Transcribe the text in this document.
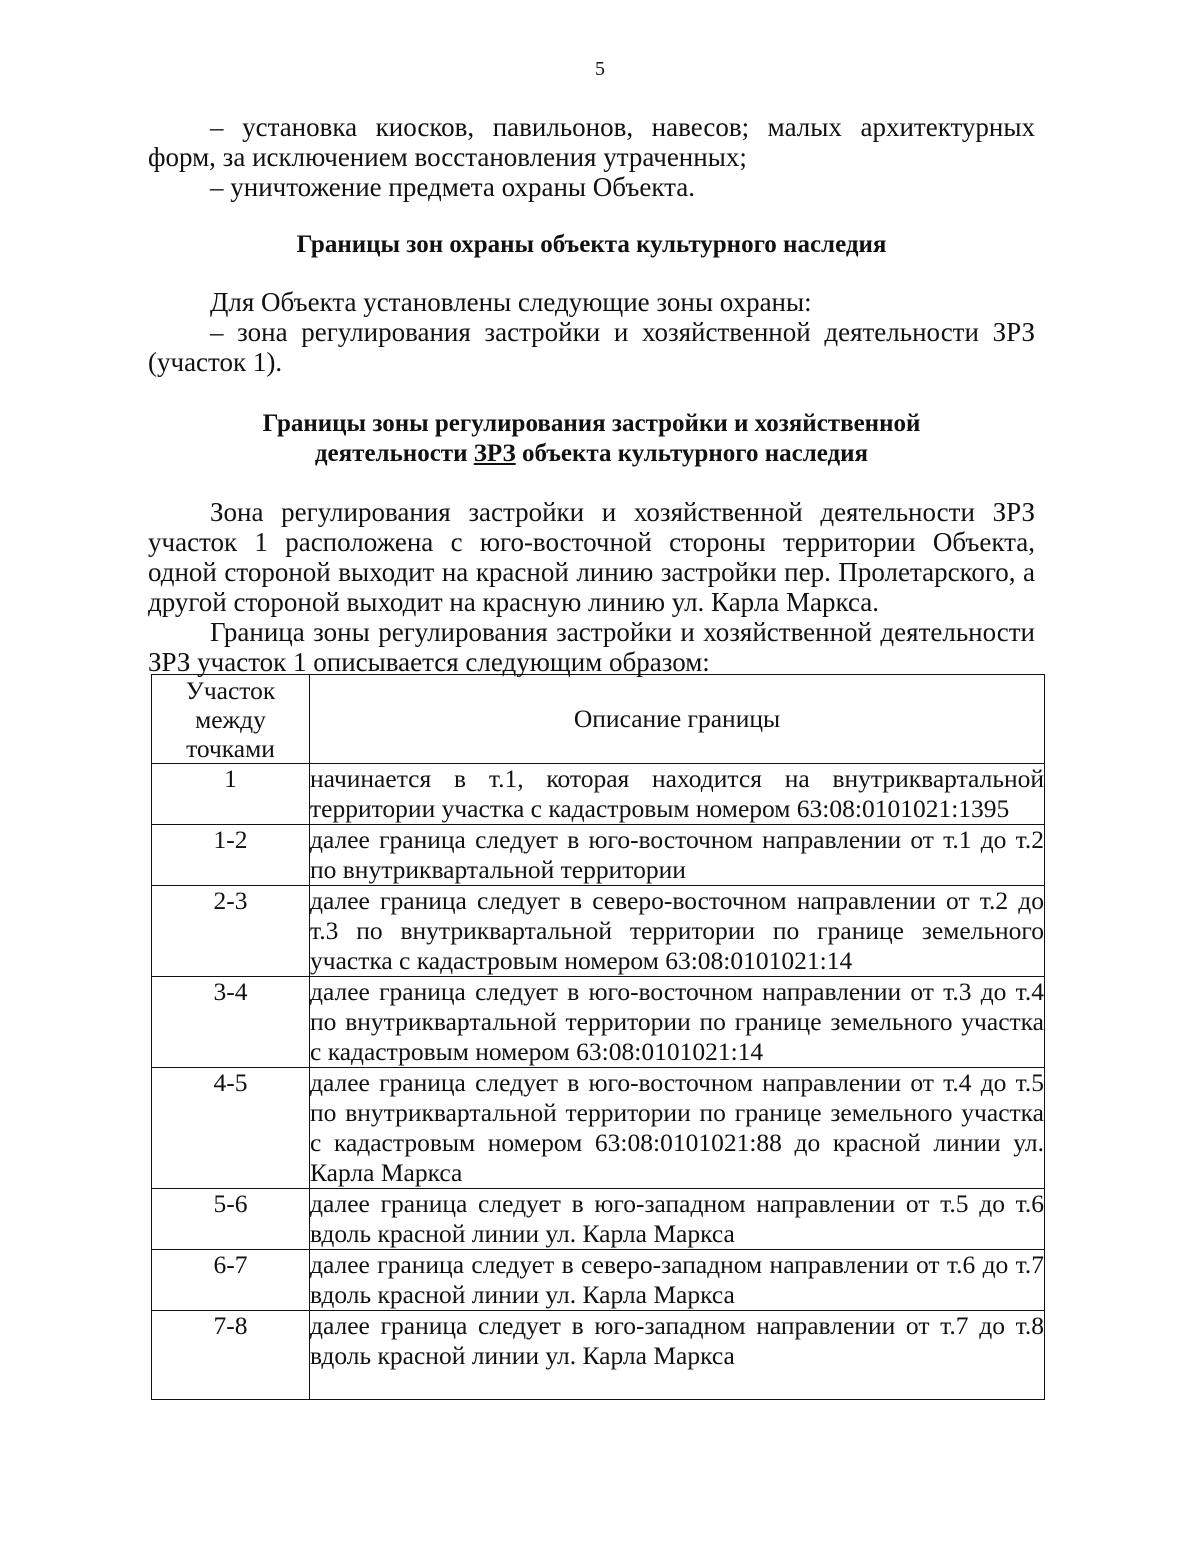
5

– установка киосков, павильонов, навесов; малых архитектурных форм, за исключением восстановления утраченных;

– уничтожение предмета охраны Объекта.

Границы зон охраны объекта культурного наследия

Для Объекта установлены следующие зоны охраны:

– зона регулирования застройки и хозяйственной деятельности ЗРЗ (участок 1).

Границы зоны регулирования застройки и хозяйственной
деятельности ЗРЗ объекта культурного наследия

Зона регулирования застройки и хозяйственной деятельности ЗРЗ участок 1 расположена с юго-восточной стороны территории Объекта, одной стороной выходит на красной линию застройки пер. Пролетарского, а другой стороной выходит на красную линию ул. Карла Маркса.

Граница зоны регулирования застройки и хозяйственной деятельности ЗРЗ участок 1 описывается следующим образом:

Участок между точками	Описание границы
1	начинается в т.1, которая находится на внутриквартальной территории участка с кадастровым номером 63:08:0101021:1395
1-2	далее граница следует в юго-восточном направлении от т.1 до т.2 по внутриквартальной территории
2-3	далее граница следует в северо-восточном направлении от т.2 до т.3 по внутриквартальной территории по границе земельного участка с кадастровым номером 63:08:0101021:14
3-4	далее граница следует в юго-восточном направлении от т.3 до т.4 по внутриквартальной территории по границе земельного участка с кадастровым номером 63:08:0101021:14
4-5	далее граница следует в юго-восточном направлении от т.4 до т.5 по внутриквартальной территории по границе земельного участка с кадастровым номером 63:08:0101021:88 до красной линии ул. Карла Маркса
5-6	далее граница следует в юго-западном направлении от т.5 до т.6 вдоль красной линии ул. Карла Маркса
6-7	далее граница следует в северо-западном направлении от т.6 до т.7 вдоль красной линии ул. Карла Маркса
7-8	далее граница следует в юго-западном направлении от т.7 до т.8 вдоль красной линии ул. Карла Маркса
